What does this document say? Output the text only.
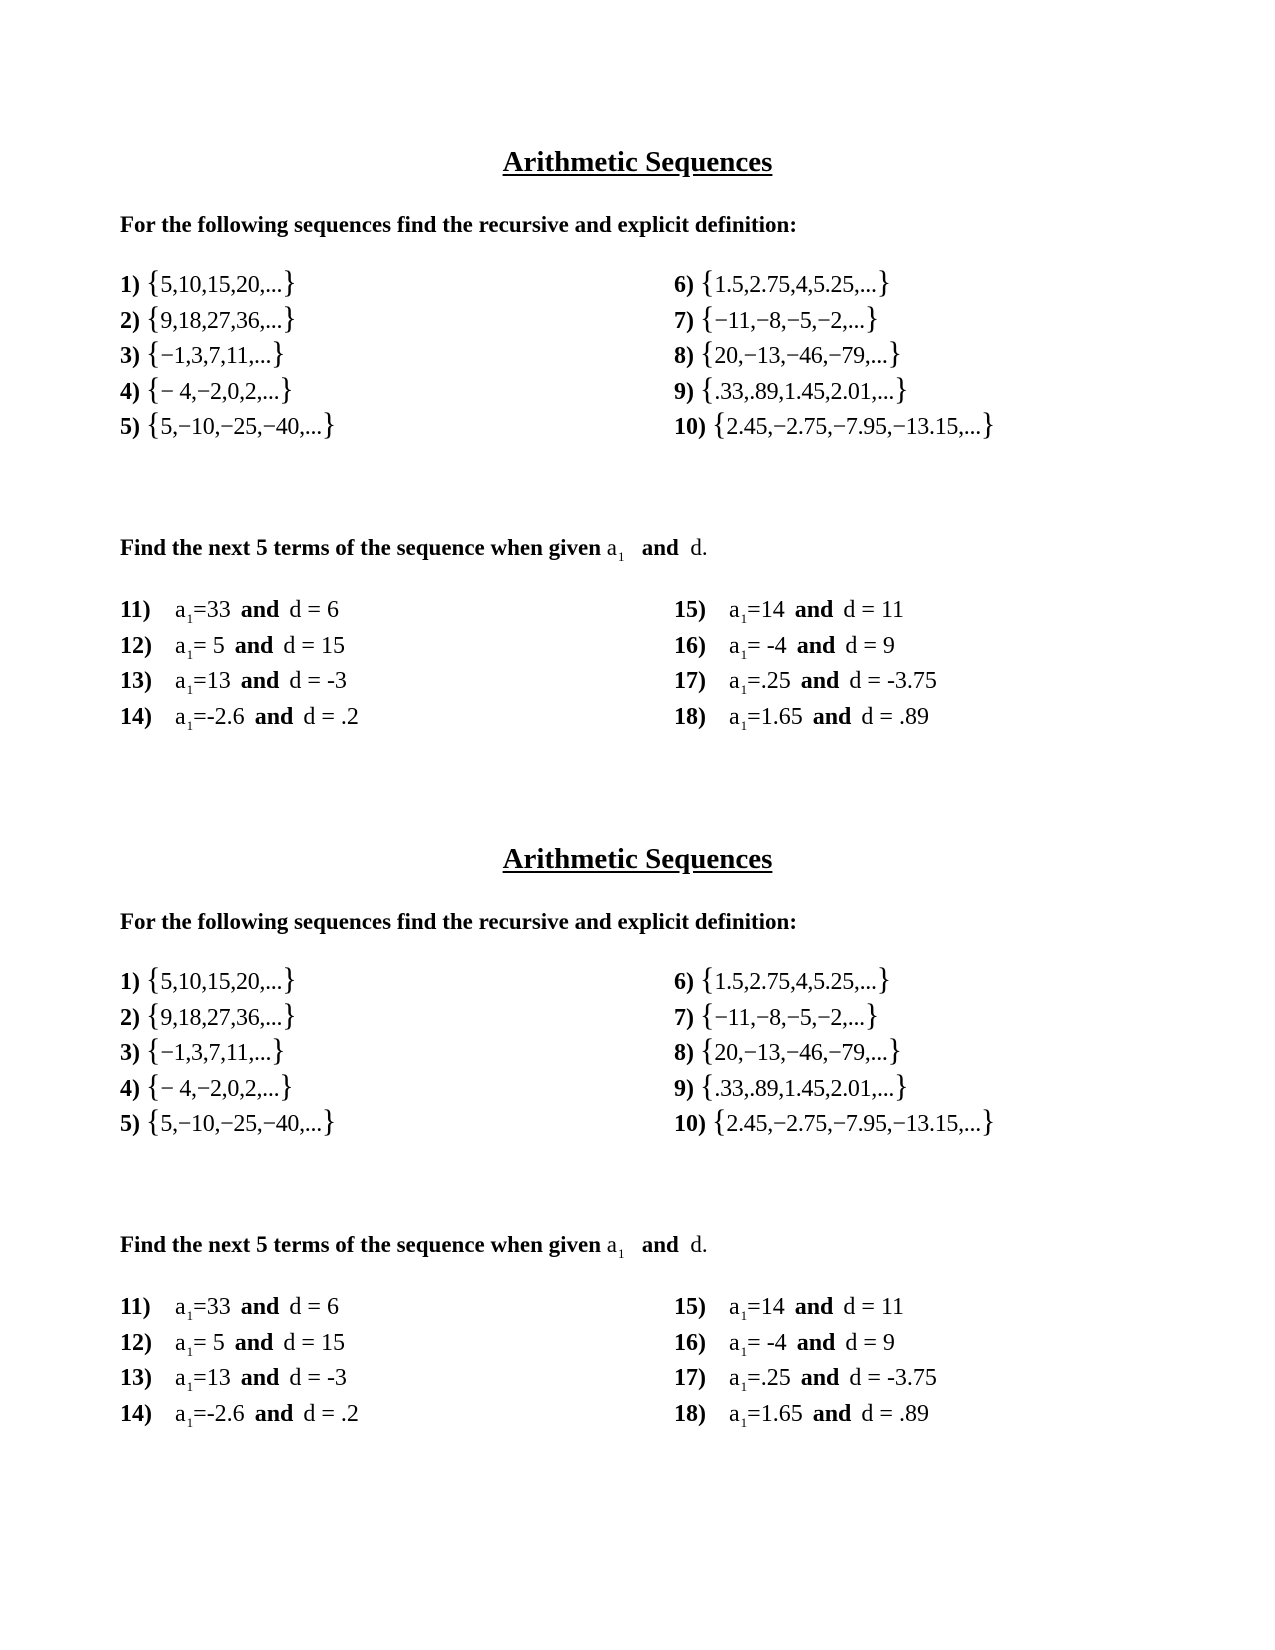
Arithmetic Sequences

For the following sequences find the recursive and explicit definition:

1) {5,10,15,20,...}
2) {9,18,27,36,...}
3) {−1,3,7,11,...}
4) {− 4,−2,0,2,...}
5) {5,−10,−25,−40,...}
6) {1.5,2.75,4,5.25,...}
7) {−11,−8,−5,−2,...}
8) {20,−13,−46,−79,...}
9) {.33,.89,1.45,2.01,...}
10) {2.45,−2.75,−7.95,−13.15,...}

Find the next 5 terms of the sequence when given $a_1$ and d.

11) $a_1=33$ and d = 6
12) $a_1= 5$ and d = 15
13) $a_1=13$ and d = -3
14) $a_1=-2.6$ and d = .2
15) $a_1=14$ and d = 11
16) $a_1= -4$ and d = 9
17) $a_1=.25$ and d = -3.75
18) $a_1=1.65$ and d = .89
Arithmetic Sequences

For the following sequences find the recursive and explicit definition:

1) {5,10,15,20,...}
2) {9,18,27,36,...}
3) {−1,3,7,11,...}
4) {− 4,−2,0,2,...}
5) {5,−10,−25,−40,...}
6) {1.5,2.75,4,5.25,...}
7) {−11,−8,−5,−2,...}
8) {20,−13,−46,−79,...}
9) {.33,.89,1.45,2.01,...}
10) {2.45,−2.75,−7.95,−13.15,...}

Find the next 5 terms of the sequence when given $a_1$ and d.

11) $a_1=33$ and d = 6
12) $a_1= 5$ and d = 15
13) $a_1=13$ and d = -3
14) $a_1=-2.6$ and d = .2
15) $a_1=14$ and d = 11
16) $a_1= -4$ and d = 9
17) $a_1=.25$ and d = -3.75
18) $a_1=1.65$ and d = .89
